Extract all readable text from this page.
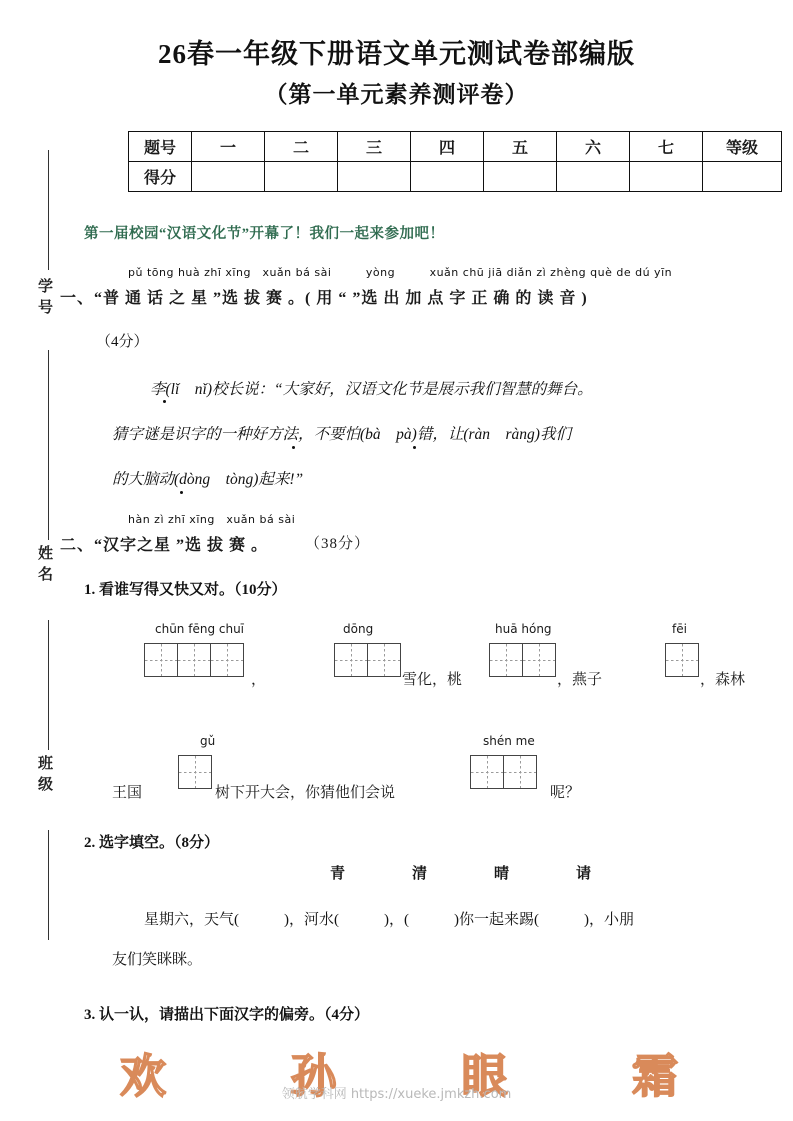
26春一年级下册语文单元测试卷部编版
（第一单元素养测评卷）
学号
姓名
班级
题号	一	二	三	四	五	六	七	等级
得分								
第一届校园“汉语文化节”开幕了！我们一起来参加吧！
pǔ tōng huà zhī xīng　xuǎn bá sài　　　yòng　　　xuǎn chū jiā diǎn zì zhèng què de dú yīn
一、“普 通 话 之 星 ”选 拔 赛 。( 用 “ ”选 出 加 点 字 正 确 的 读 音 )
（4分）
李(lǐ　nǐ)校长说：“大家好，汉语文化节是展示我们智慧的舞台。
猜字谜是识字的一种好方法，不要怕(bà　pà)错，让(ràn　ràng)我们
的大脑动(dòng　tòng)起来!”
hàn zì zhī xīng　xuǎn bá sài
二、“汉字之星 ”选 拔 赛 。 （38分）
1. 看谁写得又快又对。（10分）
chūn fēng chuī
，
dōng
雪化，桃
huā hóng
，燕子
fēi
，森林
王国
gǔ
树下开大会，你猜他们会说
shén me
呢？
2. 选字填空。（8分）
青　清　晴　请
星期六，天气(　　　)，河水(　　　)，(　　　)你一起来踢(　　　)，小朋
友们笑眯眯。
3. 认一认，请描出下面汉字的偏旁。（4分）
欢	孙	眼	霜
领航学科网 https://xueke.jmkzh.com
